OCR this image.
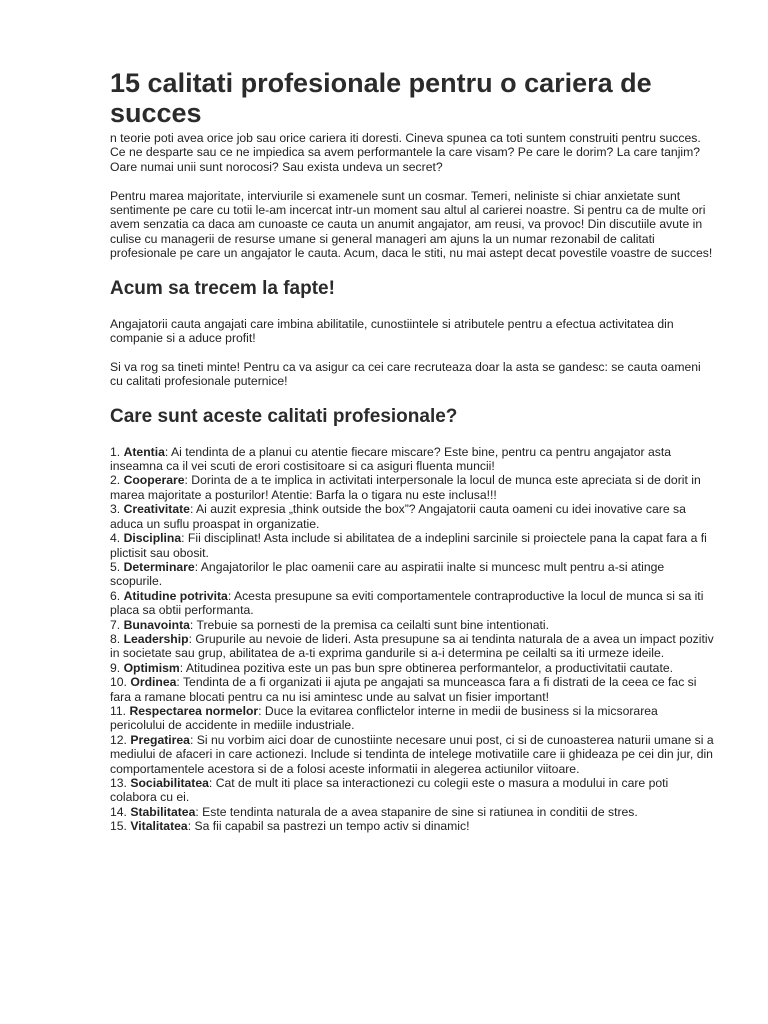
15 calitati profesionale pentru o cariera de succes

n teorie poti avea orice job sau orice cariera iti doresti. Cineva spunea ca toti suntem construiti pentru succes. Ce ne desparte sau ce ne impiedica sa avem performantele la care visam? Pe care le dorim? La care tanjim? Oare numai unii sunt norocosi? Sau exista undeva un secret?

Pentru marea majoritate, interviurile si examenele sunt un cosmar. Temeri, neliniste si chiar anxietate sunt sentimente pe care cu totii le-am incercat intr-un moment sau altul al carierei noastre. Si pentru ca de multe ori avem senzatia ca daca am cunoaste ce cauta un anumit angajator, am reusi, va provoc! Din discutiile avute in culise cu managerii de resurse umane si general manageri am ajuns la un numar rezonabil de calitati profesionale pe care un angajator le cauta. Acum, daca le stiti, nu mai astept decat povestile voastre de succes!

Acum sa trecem la fapte!

Angajatorii cauta angajati care imbina abilitatile, cunostiintele si atributele pentru a efectua activitatea din companie si a aduce profit!

Si va rog sa tineti minte! Pentru ca va asigur ca cei care recruteaza doar la asta se gandesc: se cauta oameni cu calitati profesionale puternice!

Care sunt aceste calitati profesionale?
1. Atentia: Ai tendinta de a planui cu atentie fiecare miscare? Este bine, pentru ca pentru angajator asta inseamna ca il vei scuti de erori costisitoare si ca asiguri fluenta muncii!
2. Cooperare: Dorinta de a te implica in activitati interpersonale la locul de munca este apreciata si de dorit in marea majoritate a posturilor! Atentie: Barfa la o tigara nu este inclusa!!!
3. Creativitate: Ai auzit expresia „think outside the box”? Angajatorii cauta oameni cu idei inovative care sa aduca un suflu proaspat in organizatie.
4. Disciplina: Fii disciplinat! Asta include si abilitatea de a indeplini sarcinile si proiectele pana la capat fara a fi plictisit sau obosit.
5. Determinare: Angajatorilor le plac oamenii care au aspiratii inalte si muncesc mult pentru a-si atinge scopurile.
6. Atitudine potrivita: Acesta presupune sa eviti comportamentele contraproductive la locul de munca si sa iti placa sa obtii performanta.
7. Bunavointa: Trebuie sa pornesti de la premisa ca ceilalti sunt bine intentionati.
8. Leadership: Grupurile au nevoie de lideri. Asta presupune sa ai tendinta naturala de a avea un impact pozitiv in societate sau grup, abilitatea de a-ti exprima gandurile si a-i determina pe ceilalti sa iti urmeze ideile.
9. Optimism: Atitudinea pozitiva este un pas bun spre obtinerea performantelor, a productivitatii cautate.
10. Ordinea: Tendinta de a fi organizati ii ajuta pe angajati sa munceasca fara a fi distrati de la ceea ce fac si fara a ramane blocati pentru ca nu isi amintesc unde au salvat un fisier important!
11. Respectarea normelor: Duce la evitarea conflictelor interne in medii de business si la micsorarea pericolului de accidente in mediile industriale.
12. Pregatirea: Si nu vorbim aici doar de cunostiinte necesare unui post, ci si de cunoasterea naturii umane si a mediului de afaceri in care actionezi. Include si tendinta de intelege motivatiile care ii ghideaza pe cei din jur, din comportamentele acestora si de a folosi aceste informatii in alegerea actiunilor viitoare.
13. Sociabilitatea: Cat de mult iti place sa interactionezi cu colegii este o masura a modului in care poti colabora cu ei.
14. Stabilitatea: Este tendinta naturala de a avea stapanire de sine si ratiunea in conditii de stres.
15. Vitalitatea: Sa fii capabil sa pastrezi un tempo activ si dinamic!
